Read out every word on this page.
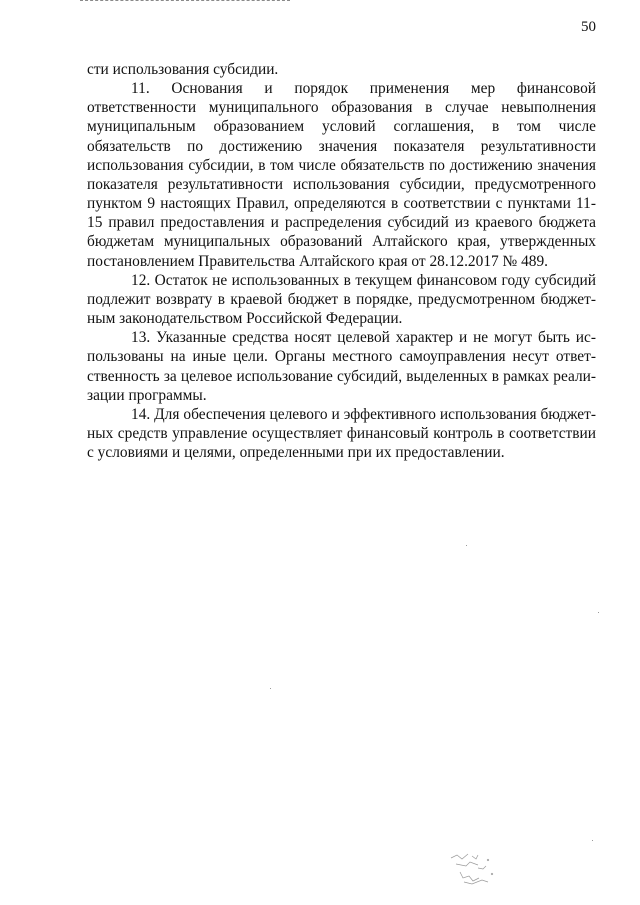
50

сти использования субсидии.

11. Основания и порядок применения мер финансовой ответственности муниципального образования в случае невыполнения муниципальным образованием условий соглашения, в том числе обязательств по достижению значения показателя результативности использования субсидии, в том числе обязательств по достижению значения показателя результативности использования субсидии, предусмотренного пунктом 9 настоящих Правил, определяются в соответствии с пунктами 11-15 правил предоставления и распределения субсидий из краевого бюджета бюджетам муниципальных образований Алтайского края, утвержденных постановлением Правительства Алтайского края от 28.12.2017 № 489.

12. Остаток не использованных в текущем финансовом году субсидий подлежит возврату в краевой бюджет в порядке, предусмотренном бюджетным законодательством Российской Федерации.

13. Указанные средства носят целевой характер и не могут быть использованы на иные цели. Органы местного самоуправления несут ответственность за целевое использование субсидий, выделенных в рамках реализации программы.

14. Для обеспечения целевого и эффективного использования бюджетных средств управление осуществляет финансовый контроль в соответствии с условиями и целями, определенными при их предоставлении.
